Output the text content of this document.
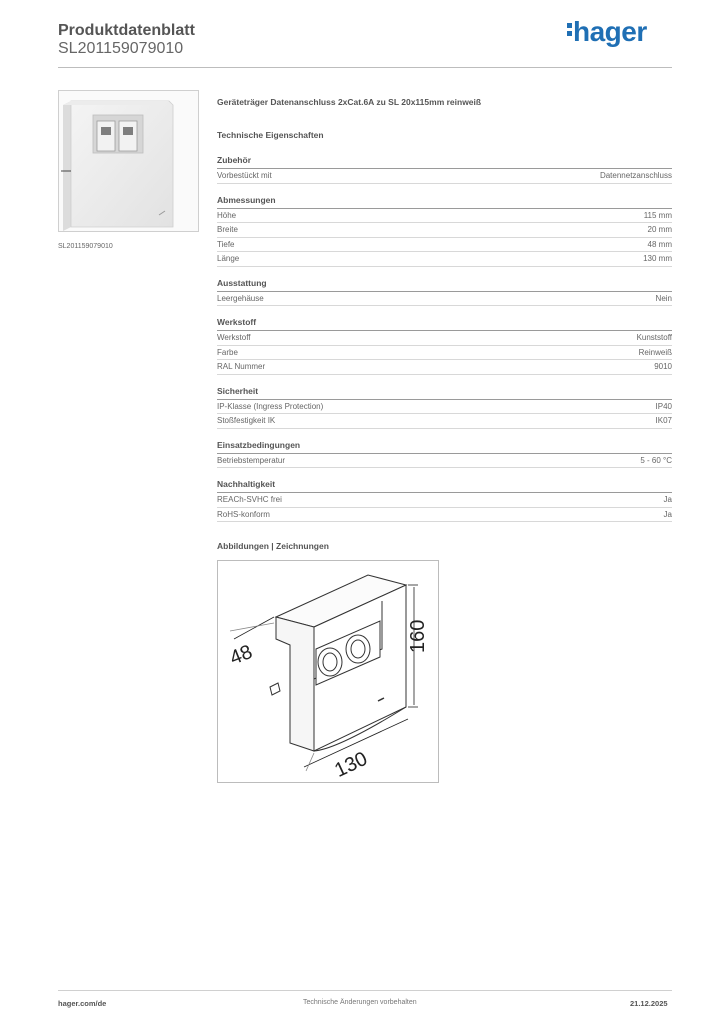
Produktdatenblatt
SL201159079010
hager
SL201159079010
Geräteträger Datenanschluss 2xCat.6A zu SL 20x115mm reinweiß
Technische Eigenschaften
Zubehör
Vorbestückt mit	Datennetzanschluss
Abmessungen
Höhe	115 mm
Breite	20 mm
Tiefe	48 mm
Länge	130 mm
Ausstattung
Leergehäuse	Nein
Werkstoff
Werkstoff	Kunststoff
Farbe	Reinweiß
RAL Nummer	9010
Sicherheit
IP-Klasse (Ingress Protection)	IP40
Stoßfestigkeit IK	IK07
Einsatzbedingungen
Betriebstemperatur	5 - 60 °C
Nachhaltigkeit
REACh-SVHC frei	Ja
RoHS-konform	Ja
Abbildungen | Zeichnungen
48
160
130
hager.com/de	Technische Änderungen vorbehalten	21.12.2025
